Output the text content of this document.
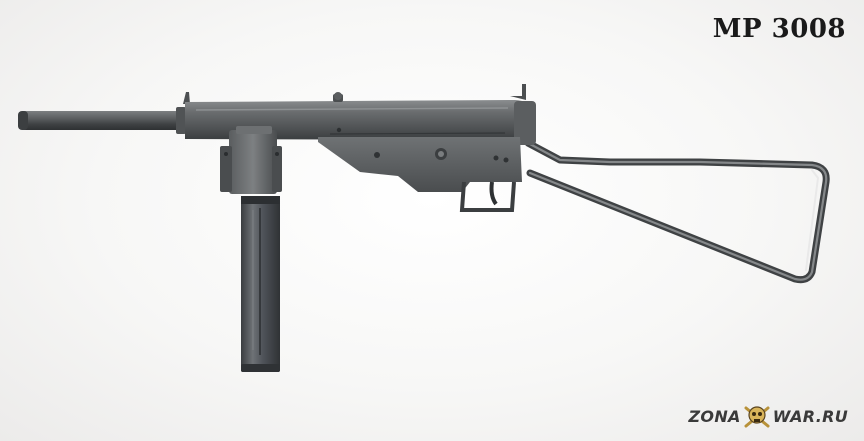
MP 3008
ZONA WAR.RU
